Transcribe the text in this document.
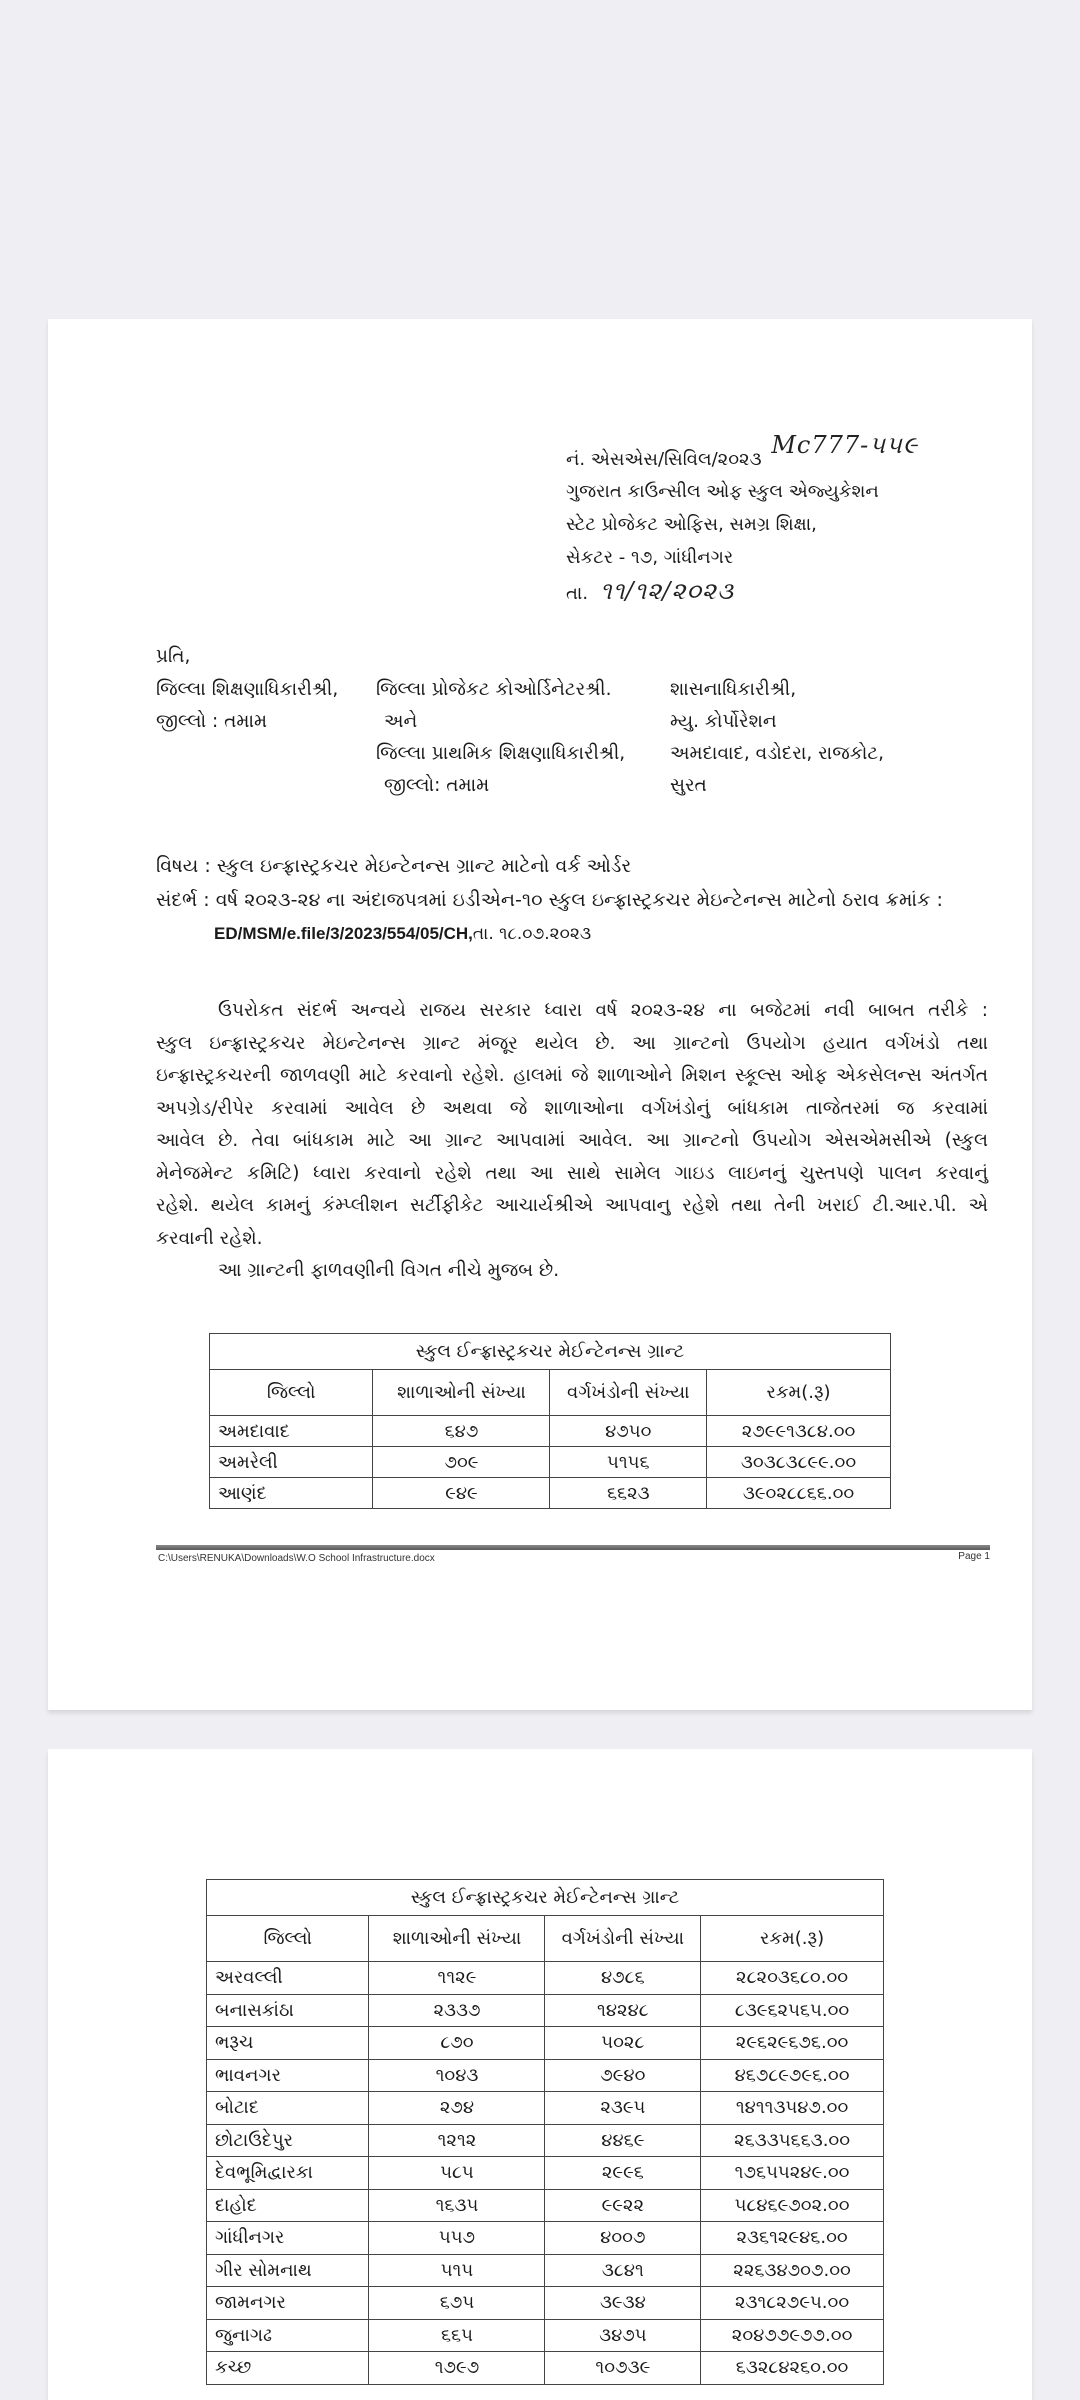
નં. એસએસ/સિવિલ/૨૦૨૩ Mc777-૫૫૯
ગુજરાત કાઉન્સીલ ઓફ સ્કુલ એજ્યુકેશન
સ્ટેટ પ્રોજેકટ ઓફિસ, સમગ્ર શિક્ષા,
સેકટર - ૧૭, ગાંધીનગર
તા. ૧૧/૧૨/૨૦૨૩
પ્રતિ,
જિલ્લા શિક્ષણાધિકારીશ્રી,
જીલ્લો : તમામ
જિલ્લા પ્રોજેકટ કોઓર્ડિનેટરશ્રી.
અને
જિલ્લા પ્રાથમિક શિક્ષણાધિકારીશ્રી,
જીલ્લો: તમામ
શાસનાધિકારીશ્રી,
મ્યુ. કોર્પોરેશન
અમદાવાદ, વડોદરા, રાજકોટ,
સુરત
વિષય : સ્કુલ ઇન્ફ્રાસ્ટ્રકચર મેઇન્ટેનન્સ ગ્રાન્ટ માટેનો વર્ક ઓર્ડર
સંદર્ભ : વર્ષ ૨૦૨૩-૨૪ ના અંદાજપત્રમાં ઇડીએન-૧૦ સ્કુલ ઇન્ફ્રાસ્ટ્રકચર મેઇન્ટેનન્સ માટેનો ઠરાવ ક્રમાંક :
ED/MSM/e.file/3/2023/554/05/CH,તા. ૧૮.૦૭.૨૦૨૩
ઉપરોકત સંદર્ભ અન્વયે રાજય સરકાર ધ્વારા વર્ષ ૨૦૨૩-૨૪ ના બજેટમાં નવી બાબત તરીકે :
સ્કુલ ઇન્ફ્રાસ્ટ્રકચર મેઇન્ટેનન્સ ગ્રાન્ટ મંજૂર થયેલ છે. આ ગ્રાન્ટનો ઉપયોગ હયાત વર્ગખંડો તથા
ઇન્ફ્રાસ્ટ્રકચરની જાળવણી માટે કરવાનો રહેશે. હાલમાં જે શાળાઓને મિશન સ્કૂલ્સ ઓફ એકસેલન્સ અંતર્ગત
અપગ્રેડ/રીપેર કરવામાં આવેલ છે અથવા જે શાળાઓના વર્ગખંડોનું બાંધકામ તાજેતરમાં જ કરવામાં
આવેલ છે. તેવા બાંધકામ માટે આ ગ્રાન્ટ આપવામાં આવેલ. આ ગ્રાન્ટનો ઉપયોગ એસએમસીએ (સ્કુલ
મેનેજમેન્ટ કમિટિ) ધ્વારા કરવાનો રહેશે તથા આ સાથે સામેલ ગાઇડ લાઇનનું ચુસ્તપણે પાલન કરવાનું
રહેશે. થયેલ કામનું કંમ્પ્લીશન સર્ટીફીકેટ આચાર્યશ્રીએ આપવાનુ રહેશે તથા તેની ખરાઈ ટી.આર.પી. એ
કરવાની રહેશે.
આ ગ્રાન્ટની ફાળવણીની વિગત નીચે મુજબ છે.
સ્કુલ ઈન્ફ્રાસ્ટ્રકચર મેઈન્ટેનન્સ ગ્રાન્ટ			
જિલ્લો	શાળાઓની સંખ્યા	વર્ગખંડોની સંખ્યા	રકમ(.રૂ)
અમદાવાદ	૬૪૭	૪૭૫૦	૨૭૯૯૧૩૮૪.૦૦
અમરેલી	૭૦૯	૫૧૫૬	૩૦૩૮૩૮૯૯.૦૦
આણંદ	૯૪૯	૬૬૨૩	૩૯૦૨૮૮૬૬.૦૦
C:\Users\RENUKA\Downloads\W.O School Infrastructure.docx	Page 1
સ્કુલ ઈન્ફ્રાસ્ટ્રકચર મેઈન્ટેનન્સ ગ્રાન્ટ			
જિલ્લો	શાળાઓની સંખ્યા	વર્ગખંડોની સંખ્યા	રકમ(.રૂ)
અરવલ્લી	૧૧૨૯	૪૭૮૬	૨૮૨૦૩૬૮૦.૦૦
બનાસકાંઠા	૨૩૩૭	૧૪૨૪૮	૮૩૯૬૨૫૬૫.૦૦
ભરૂચ	૮૭૦	૫૦૨૮	૨૯૬૨૯૬૭૬.૦૦
ભાવનગર	૧૦૪૩	૭૯૪૦	૪૬૭૮૯૭૯૬.૦૦
બોટાદ	૨૭૪	૨૩૯૫	૧૪૧૧૩૫૪૭.૦૦
છોટાઉદેપુર	૧૨૧૨	૪૪૬૯	૨૬૩૩૫૬૬૩.૦૦
દેવભૂમિદ્વારકા	૫૮૫	૨૯૯૬	૧૭૬૫૫૨૪૯.૦૦
દાહોદ	૧૬૩૫	૯૯૨૨	૫૮૪૬૯૭૦૨.૦૦
ગાંધીનગર	૫૫૭	૪૦૦૭	૨૩૬૧૨૯૪૬.૦૦
ગીર સોમનાથ	૫૧૫	૩૮૪૧	૨૨૬૩૪૭૦૭.૦૦
જામનગર	૬૭૫	૩૯૩૪	૨૩૧૮૨૭૯૫.૦૦
જુનાગઢ	૬૬૫	૩૪૭૫	૨૦૪૭૭૯૭૭.૦૦
કચ્છ	૧૭૯૭	૧૦૭૩૯	૬૩૨૮૪૨૬૦.૦૦
